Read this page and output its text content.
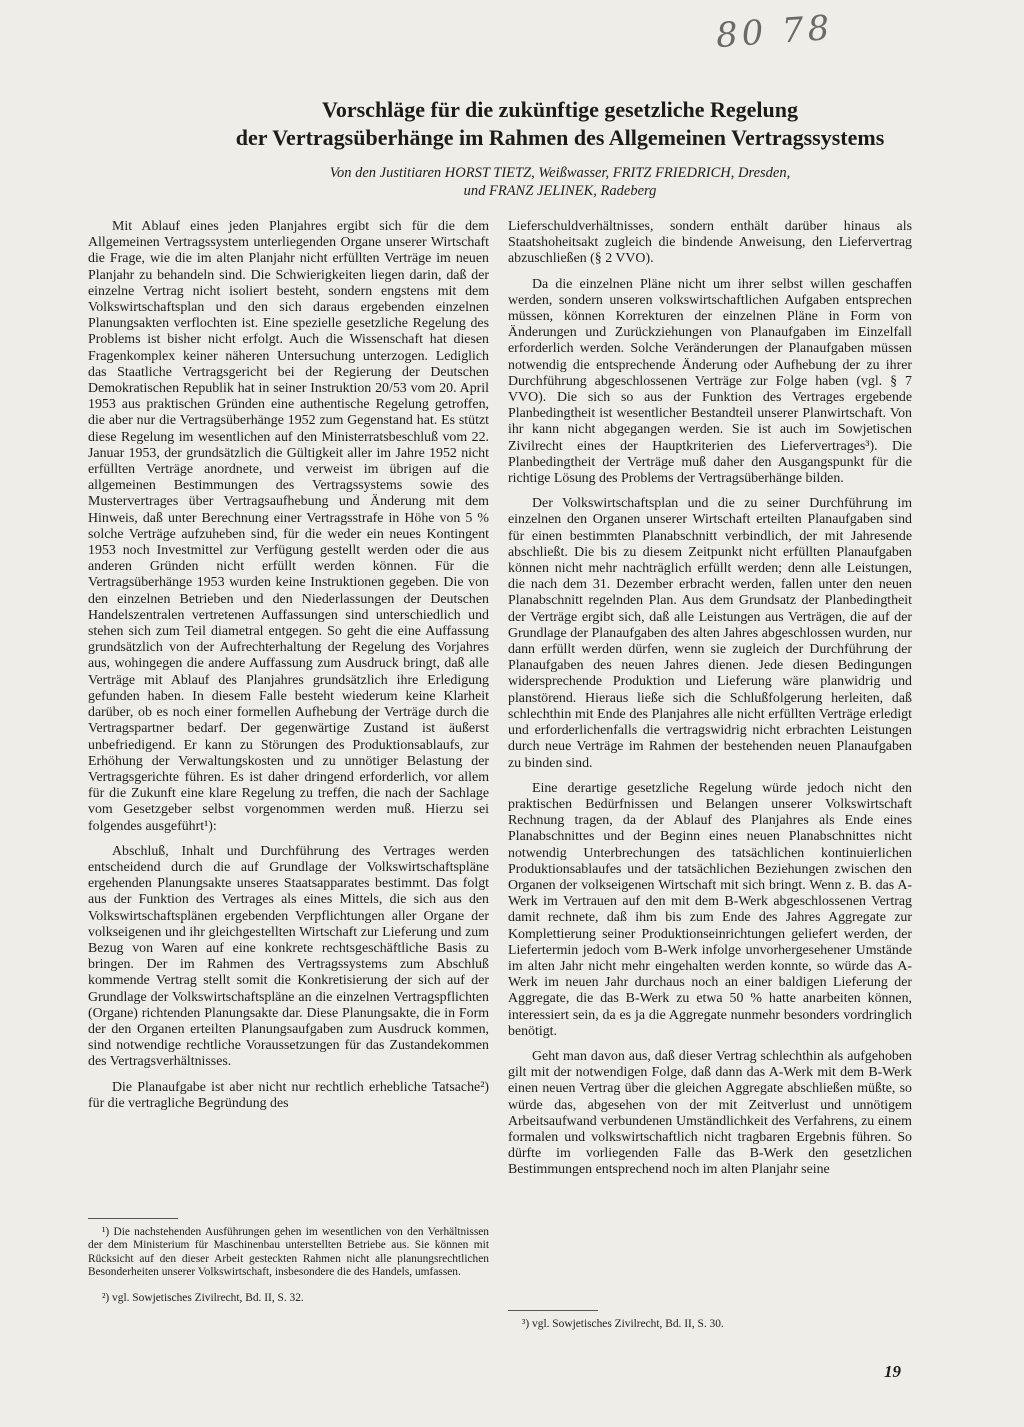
80 78
Vorschläge für die zukünftige gesetzliche Regelung
der Vertragsüberhänge im Rahmen des Allgemeinen Vertragssystems
Von den Justitiaren HORST TIETZ, Weißwasser, FRITZ FRIEDRICH, Dresden,
und FRANZ JELINEK, Radeberg

Mit Ablauf eines jeden Planjahres ergibt sich für die dem Allgemeinen Vertragssystem unterliegenden Organe unserer Wirtschaft die Frage, wie die im alten Planjahr nicht erfüllten Verträge im neuen Planjahr zu behandeln sind. Die Schwierigkeiten liegen darin, daß der einzelne Vertrag nicht isoliert besteht, sondern engstens mit dem Volkswirtschaftsplan und den sich daraus ergebenden einzelnen Planungsakten verflochten ist. Eine spezielle gesetzliche Regelung des Problems ist bisher nicht erfolgt. Auch die Wissenschaft hat diesen Fragenkomplex keiner näheren Untersuchung unterzogen. Lediglich das Staatliche Vertragsgericht bei der Regierung der Deutschen Demokratischen Republik hat in seiner Instruktion 20/53 vom 20. April 1953 aus praktischen Gründen eine authentische Regelung getroffen, die aber nur die Vertragsüberhänge 1952 zum Gegenstand hat. Es stützt diese Regelung im wesentlichen auf den Ministerratsbeschluß vom 22. Januar 1953, der grundsätzlich die Gültigkeit aller im Jahre 1952 nicht erfüllten Verträge anordnete, und verweist im übrigen auf die allgemeinen Bestimmungen des Vertragssystems sowie des Mustervertrages über Vertragsaufhebung und Änderung mit dem Hinweis, daß unter Berechnung einer Vertragsstrafe in Höhe von 5 % solche Verträge aufzuheben sind, für die weder ein neues Kontingent 1953 noch Investmittel zur Verfügung gestellt werden oder die aus anderen Gründen nicht erfüllt werden können. Für die Vertragsüberhänge 1953 wurden keine Instruktionen gegeben. Die von den einzelnen Betrieben und den Niederlassungen der Deutschen Handelszentralen vertretenen Auffassungen sind unterschiedlich und stehen sich zum Teil diametral entgegen. So geht die eine Auffassung grundsätzlich von der Aufrechterhaltung der Regelung des Vorjahres aus, wohingegen die andere Auffassung zum Ausdruck bringt, daß alle Verträge mit Ablauf des Planjahres grundsätzlich ihre Erledigung gefunden haben. In diesem Falle besteht wiederum keine Klarheit darüber, ob es noch einer formellen Aufhebung der Verträge durch die Vertragspartner bedarf. Der gegenwärtige Zustand ist äußerst unbefriedigend. Er kann zu Störungen des Produktionsablaufs, zur Erhöhung der Verwaltungskosten und zu unnötiger Belastung der Vertragsgerichte führen. Es ist daher dringend erforderlich, vor allem für die Zukunft eine klare Regelung zu treffen, die nach der Sachlage vom Gesetzgeber selbst vorgenommen werden muß. Hierzu sei folgendes ausgeführt¹):

Abschluß, Inhalt und Durchführung des Vertrages werden entscheidend durch die auf Grundlage der Volkswirtschaftspläne ergehenden Planungsakte unseres Staatsapparates bestimmt. Das folgt aus der Funktion des Vertrages als eines Mittels, die sich aus den Volkswirtschaftsplänen ergebenden Verpflichtungen aller Organe der volkseigenen und ihr gleichgestellten Wirtschaft zur Lieferung und zum Bezug von Waren auf eine konkrete rechtsgeschäftliche Basis zu bringen. Der im Rahmen des Vertragssystems zum Abschluß kommende Vertrag stellt somit die Konkretisierung der sich auf der Grundlage der Volkswirtschaftspläne an die einzelnen Vertragspflichten (Organe) richtenden Planungsakte dar. Diese Planungsakte, die in Form der den Organen erteilten Planungsaufgaben zum Ausdruck kommen, sind notwendige rechtliche Voraussetzungen für das Zustandekommen des Vertragsverhältnisses.

Die Planaufgabe ist aber nicht nur rechtlich erhebliche Tatsache²) für die vertragliche Begründung des

Lieferschuldverhältnisses, sondern enthält darüber hinaus als Staatshoheitsakt zugleich die bindende Anweisung, den Liefervertrag abzuschließen (§ 2 VVO).

Da die einzelnen Pläne nicht um ihrer selbst willen geschaffen werden, sondern unseren volkswirtschaftlichen Aufgaben entsprechen müssen, können Korrekturen der einzelnen Pläne in Form von Änderungen und Zurückziehungen von Planaufgaben im Einzelfall erforderlich werden. Solche Veränderungen der Planaufgaben müssen notwendig die entsprechende Änderung oder Aufhebung der zu ihrer Durchführung abgeschlossenen Verträge zur Folge haben (vgl. § 7 VVO). Die sich so aus der Funktion des Vertrages ergebende Planbedingtheit ist wesentlicher Bestandteil unserer Planwirtschaft. Von ihr kann nicht abgegangen werden. Sie ist auch im Sowjetischen Zivilrecht eines der Hauptkriterien des Liefervertrages³). Die Planbedingtheit der Verträge muß daher den Ausgangspunkt für die richtige Lösung des Problems der Vertragsüberhänge bilden.

Der Volkswirtschaftsplan und die zu seiner Durchführung im einzelnen den Organen unserer Wirtschaft erteilten Planaufgaben sind für einen bestimmten Planabschnitt verbindlich, der mit Jahresende abschließt. Die bis zu diesem Zeitpunkt nicht erfüllten Planaufgaben können nicht mehr nachträglich erfüllt werden; denn alle Leistungen, die nach dem 31. Dezember erbracht werden, fallen unter den neuen Planabschnitt regelnden Plan. Aus dem Grundsatz der Planbedingtheit der Verträge ergibt sich, daß alle Leistungen aus Verträgen, die auf der Grundlage der Planaufgaben des alten Jahres abgeschlossen wurden, nur dann erfüllt werden dürfen, wenn sie zugleich der Durchführung der Planaufgaben des neuen Jahres dienen. Jede diesen Bedingungen widersprechende Produktion und Lieferung wäre planwidrig und planstörend. Hieraus ließe sich die Schlußfolgerung herleiten, daß schlechthin mit Ende des Planjahres alle nicht erfüllten Verträge erledigt und erforderlichenfalls die vertragswidrig nicht erbrachten Leistungen durch neue Verträge im Rahmen der bestehenden neuen Planaufgaben zu binden sind.

Eine derartige gesetzliche Regelung würde jedoch nicht den praktischen Bedürfnissen und Belangen unserer Volkswirtschaft Rechnung tragen, da der Ablauf des Planjahres als Ende eines Planabschnittes und der Beginn eines neuen Planabschnittes nicht notwendig Unterbrechungen des tatsächlichen kontinuierlichen Produktionsablaufes und der tatsächlichen Beziehungen zwischen den Organen der volkseigenen Wirtschaft mit sich bringt. Wenn z. B. das A-Werk im Vertrauen auf den mit dem B-Werk abgeschlossenen Vertrag damit rechnete, daß ihm bis zum Ende des Jahres Aggregate zur Komplettierung seiner Produktionseinrichtungen geliefert werden, der Liefertermin jedoch vom B-Werk infolge unvorhergesehener Umstände im alten Jahr nicht mehr eingehalten werden konnte, so würde das A-Werk im neuen Jahr durchaus noch an einer baldigen Lieferung der Aggregate, die das B-Werk zu etwa 50 % hatte anarbeiten können, interessiert sein, da es ja die Aggregate nunmehr besonders vordringlich benötigt.

Geht man davon aus, daß dieser Vertrag schlechthin als aufgehoben gilt mit der notwendigen Folge, daß dann das A-Werk mit dem B-Werk einen neuen Vertrag über die gleichen Aggregate abschließen müßte, so würde das, abgesehen von der mit Zeitverlust und unnötigem Arbeitsaufwand verbundenen Umständlichkeit des Verfahrens, zu einem formalen und volkswirtschaftlich nicht tragbaren Ergebnis führen. So dürfte im vorliegenden Falle das B-Werk den gesetzlichen Bestimmungen entsprechend noch im alten Planjahr seine

¹) Die nachstehenden Ausführungen gehen im wesentlichen von den Verhältnissen der dem Ministerium für Maschinenbau unterstellten Betriebe aus. Sie können mit Rücksicht auf den dieser Arbeit gesteckten Rahmen nicht alle planungsrechtlichen Besonderheiten unserer Volkswirtschaft, insbesondere die des Handels, umfassen.

²) vgl. Sowjetisches Zivilrecht, Bd. II, S. 32.

³) vgl. Sowjetisches Zivilrecht, Bd. II, S. 30.

19
